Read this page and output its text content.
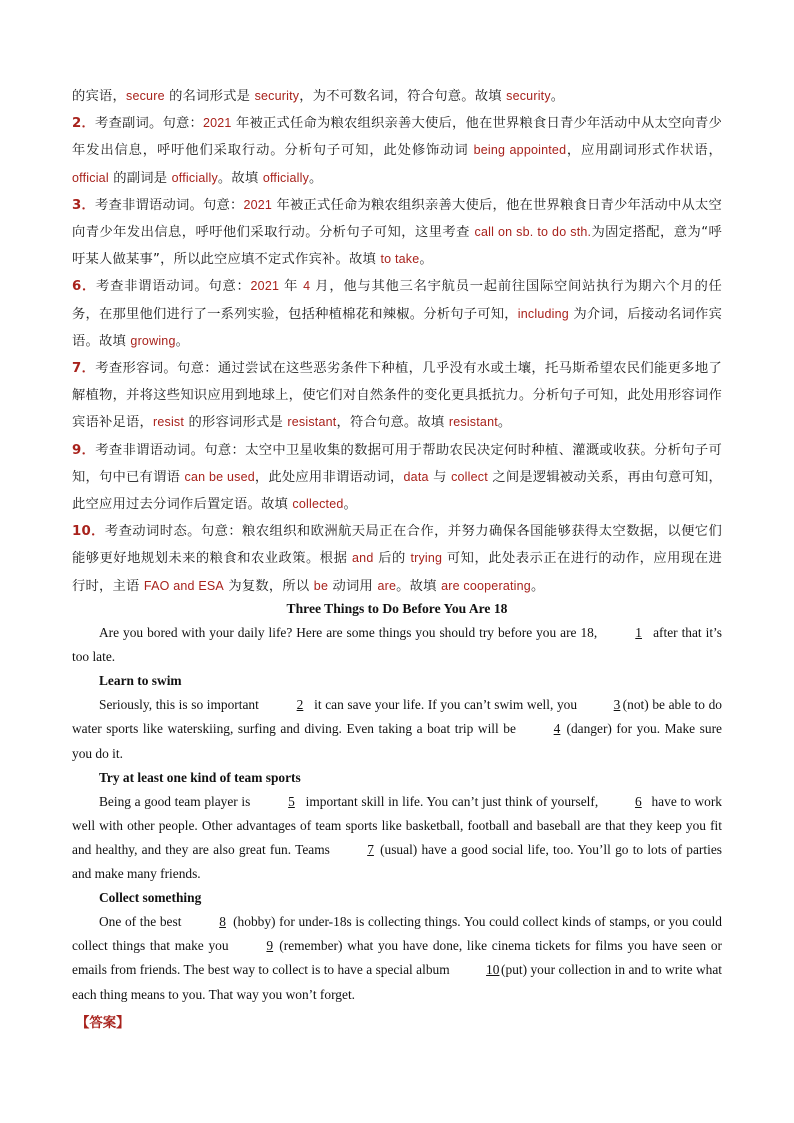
的宾语，secure 的名词形式是 security，为不可数名词，符合句意。故填 security。

2．考查副词。句意：2021 年被正式任命为粮农组织亲善大使后，他在世界粮食日青少年活动中从太空向青少年发出信息，呼吁他们采取行动。分析句子可知，此处修饰动词 being appointed，应用副词形式作状语，official 的副词是 officially。故填 officially。

3．考查非谓语动词。句意：2021 年被正式任命为粮农组织亲善大使后，他在世界粮食日青少年活动中从太空向青少年发出信息，呼吁他们采取行动。分析句子可知，这里考查 call on sb. to do sth.为固定搭配，意为“呼吁某人做某事”，所以此空应填不定式作宾补。故填 to take。

6．考查非谓语动词。句意：2021 年 4 月，他与其他三名宇航员一起前往国际空间站执行为期六个月的任务，在那里他们进行了一系列实验，包括种植棉花和辣椒。分析句子可知，including 为介词，后接动名词作宾语。故填 growing。

7．考查形容词。句意：通过尝试在这些恶劣条件下种植，几乎没有水或土壤，托马斯希望农民们能更多地了解植物，并将这些知识应用到地球上，使它们对自然条件的变化更具抵抗力。分析句子可知，此处用形容词作宾语补足语，resist 的形容词形式是 resistant，符合句意。故填 resistant。

9．考查非谓语动词。句意：太空中卫星收集的数据可用于帮助农民决定何时种植、灌溉或收获。分析句子可知，句中已有谓语 can be used，此处应用非谓语动词，data 与 collect 之间是逻辑被动关系，再由句意可知，此空应用过去分词作后置定语。故填 collected。

10．考查动词时态。句意：粮农组织和欧洲航天局正在合作，并努力确保各国能够获得太空数据，以便它们能够更好地规划未来的粮食和农业政策。根据 and 后的 trying 可知，此处表示正在进行的动作，应用现在进行时，主语 FAO and ESA 为复数，所以 be 动词用 are。故填 are cooperating。

Three Things to Do Before You Are 18

Are you bored with your daily life? Here are some things you should try before you are 18,	1 after that it’s too late.

Learn to swim

Seriously, this is so important	2 it can save your life. If you can’t swim well, you 3 (not) be able to do water sports like waterskiing, surfing and diving. Even taking a boat trip will be 4 (danger) for you. Make sure you do it.

Try at least one kind of team sports

Being a good team player is	5 important skill in life. You can’t just think of yourself, 6 have to work well with other people. Other advantages of team sports like basketball, football and baseball are that they keep you fit and healthy, and they are also great fun. Teams 7 (usual) have a good social life, too. You’ll go to lots of parties and make many friends.

Collect something

One of the best	8 (hobby) for under-18s is collecting things. You could collect kinds of stamps, or you could collect things that make you 9 (remember) what you have done, like cinema tickets for films you have seen or emails from friends. The best way to collect is to have a special album 10 (put) your collection in and to write what each thing means to you. That way you won’t forget.

【答案】
